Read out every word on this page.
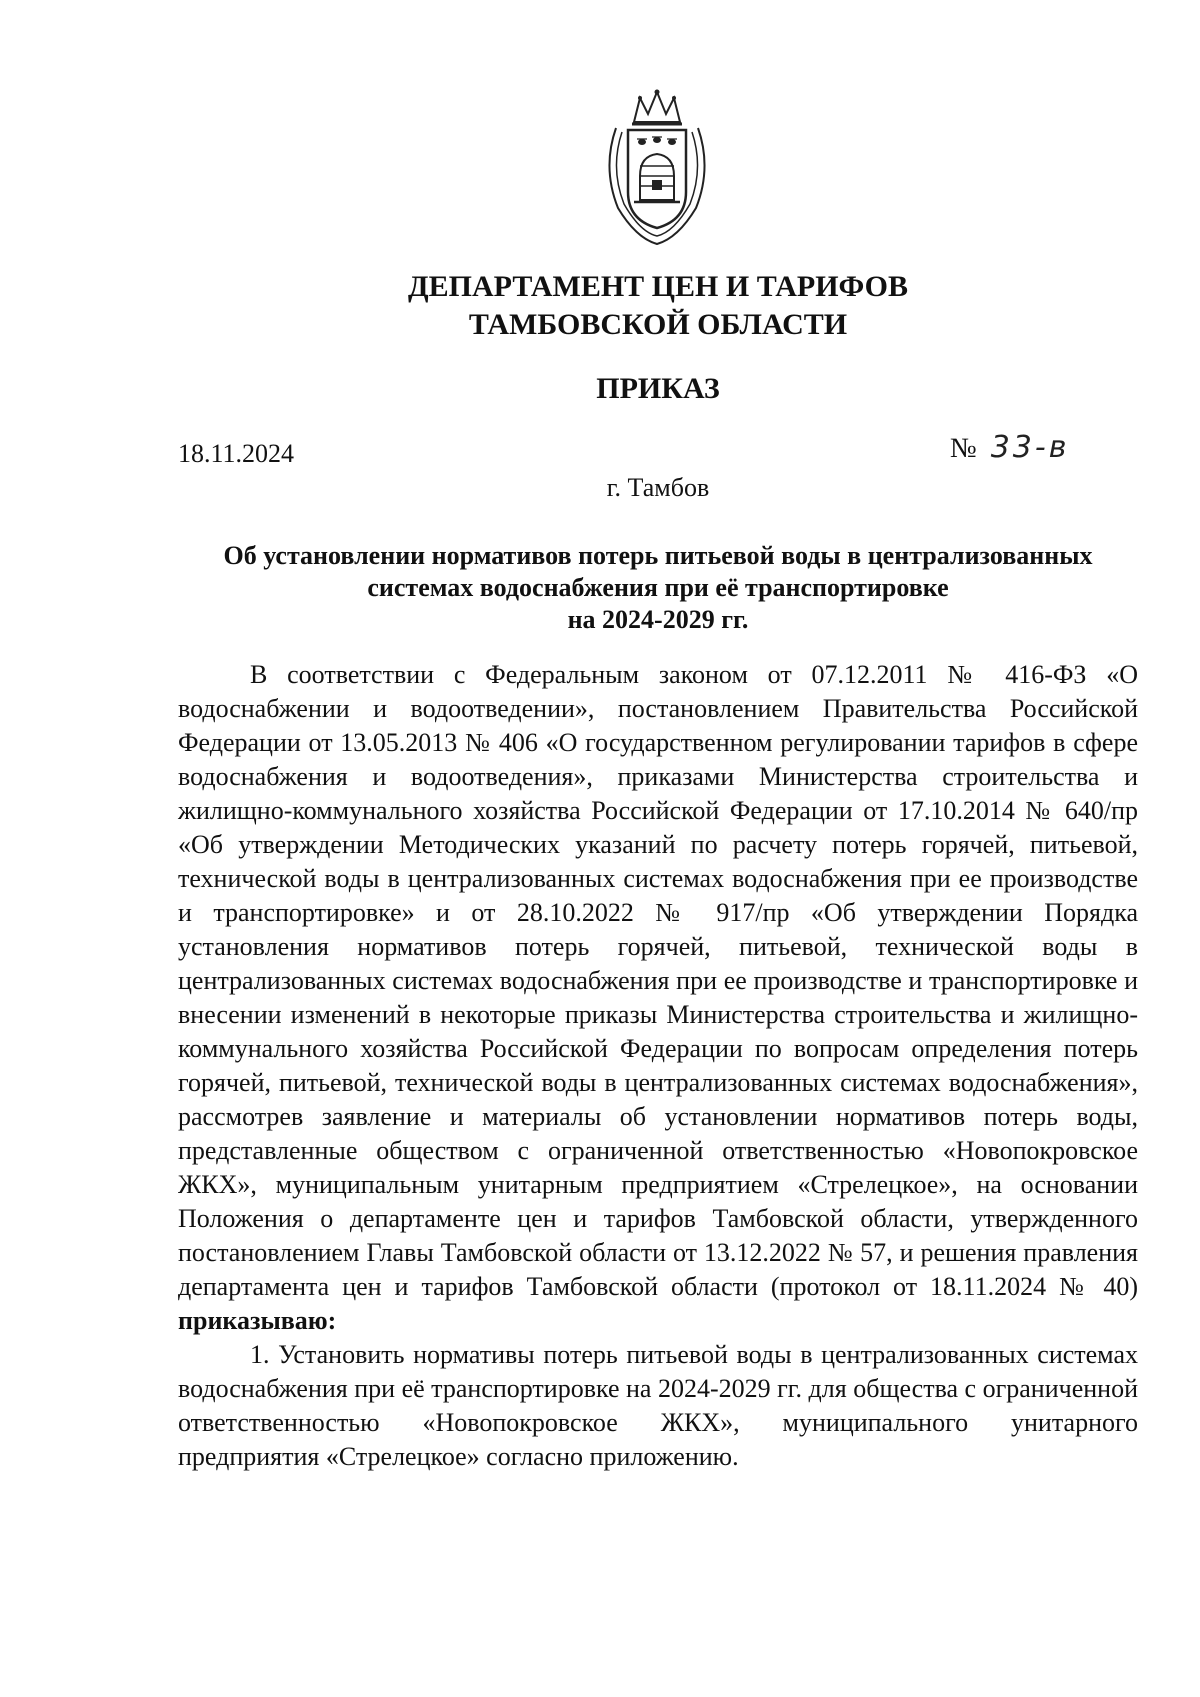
ДЕПАРТАМЕНТ ЦЕН И ТАРИФОВ
ТАМБОВСКОЙ ОБЛАСТИ
ПРИКАЗ
18.11.2024	№ 33-в
г. Тамбов
Об установлении нормативов потерь питьевой воды в централизованных
системах водоснабжения при её транспортировке
на 2024-2029 гг.

В соответствии с Федеральным законом от 07.12.2011 № 416-ФЗ «О водоснабжении и водоотведении», постановлением Правительства Российской Федерации от 13.05.2013 № 406 «О государственном регулировании тарифов в сфере водоснабжения и водоотведения», приказами Министерства строительства и жилищно-коммунального хозяйства Российской Федерации от 17.10.2014 № 640/пр «Об утверждении Методических указаний по расчету потерь горячей, питьевой, технической воды в централизованных системах водоснабжения при ее производстве и транспортировке» и от 28.10.2022 № 917/пр «Об утверждении Порядка установления нормативов потерь горячей, питьевой, технической воды в централизованных системах водоснабжения при ее производстве и транспортировке и внесении изменений в некоторые приказы Министерства строительства и жилищно-коммунального хозяйства Российской Федерации по вопросам определения потерь горячей, питьевой, технической воды в централизованных системах водоснабжения», рассмотрев заявление и материалы об установлении нормативов потерь воды, представленные обществом с ограниченной ответственностью «Новопокровское ЖКХ», муниципальным унитарным предприятием «Стрелецкое», на основании Положения о департаменте цен и тарифов Тамбовской области, утвержденного постановлением Главы Тамбовской области от 13.12.2022 № 57, и решения правления департамента цен и тарифов Тамбовской области (протокол от 18.11.2024 № 40) приказываю:

1. Установить нормативы потерь питьевой воды в централизованных системах водоснабжения при её транспортировке на 2024-2029 гг. для общества с ограниченной ответственностью «Новопокровское ЖКХ», муниципального унитарного предприятия «Стрелецкое» согласно приложению.
